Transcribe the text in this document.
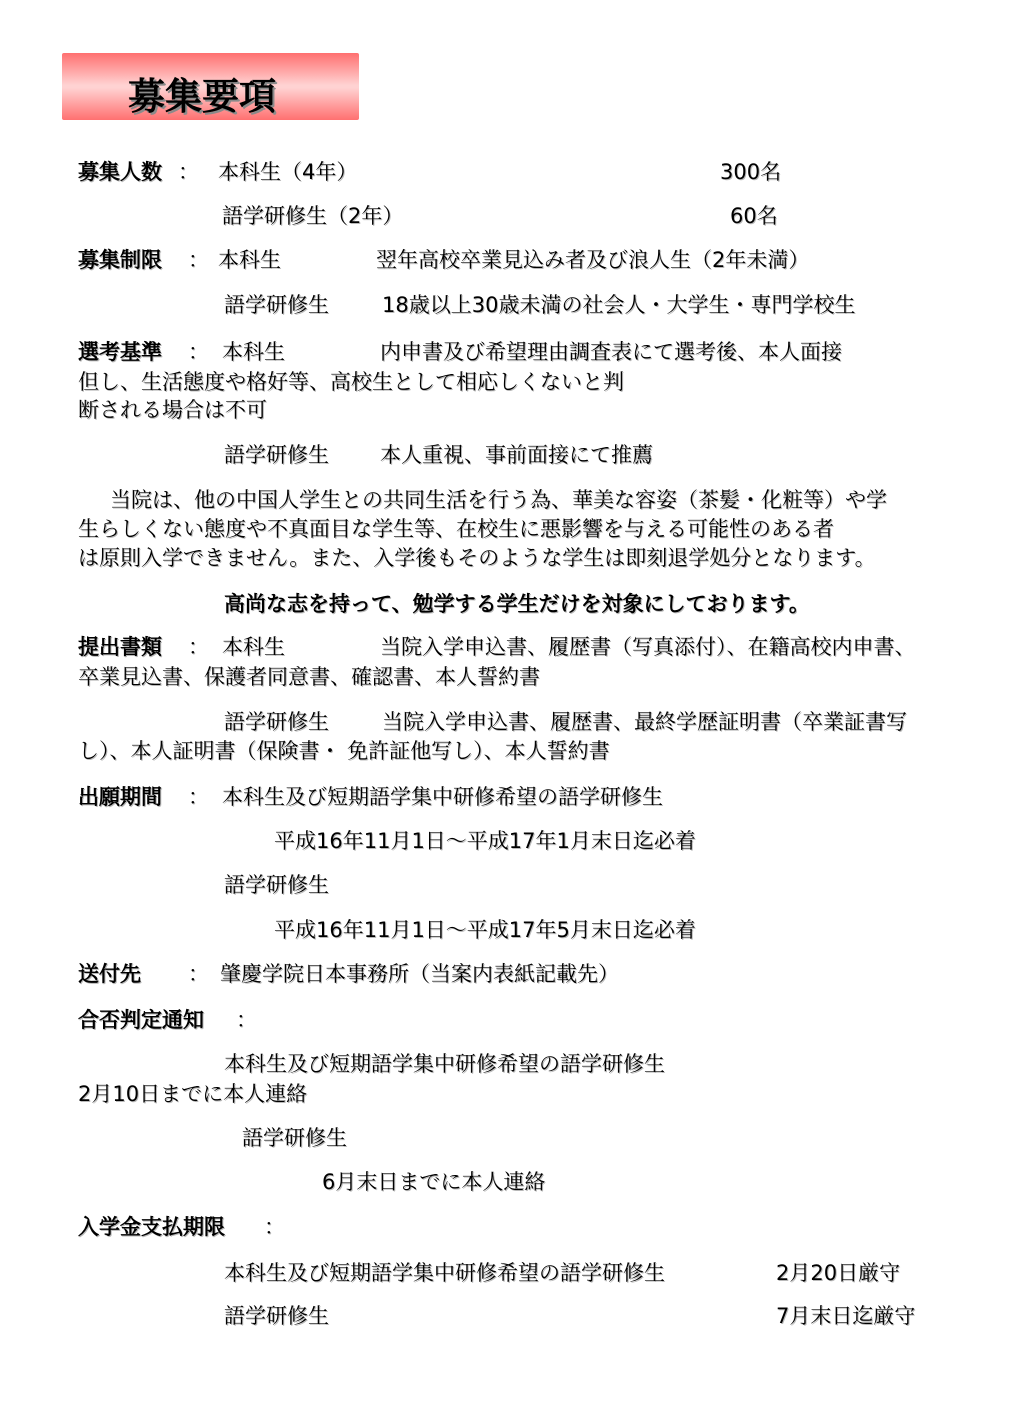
募集要項
募集人数 ： 本科生（4年）	300名
語学研修生（2年）	60名
募集制限 ： 本科生	翌年高校卒業見込み者及び浪人生（2年未満）
語学研修生	18歳以上30歳未満の社会人・大学生・専門学校生
選考基準 ： 本科生	内申書及び希望理由調査表にて選考後、本人面接
但し、生活態度や格好等、高校生として相応しくないと判
断される場合は不可
語学研修生 本人重視、事前面接にて推薦
当院は、他の中国人学生との共同生活を行う為、華美な容姿（茶髪・化粧等）や学
生らしくない態度や不真面目な学生等、在校生に悪影響を与える可能性のある者
は原則入学できません。また、入学後もそのような学生は即刻退学処分となります。
高尚な志を持って、勉学する学生だけを対象にしております。
提出書類 ： 本科生	当院入学申込書、履歴書（写真添付）、在籍高校内申書、
卒業見込書、保護者同意書、確認書、本人誓約書
語学研修生	当院入学申込書、履歴書、最終学歴証明書（卒業証書写
し）、本人証明書（保険書・ 免許証他写し）、本人誓約書
出願期間 ： 本科生及び短期語学集中研修希望の語学研修生
平成16年11月1日～平成17年1月末日迄必着
語学研修生
平成16年11月1日～平成17年5月末日迄必着
送付先 ： 肇慶学院日本事務所（当案内表紙記載先）
合否判定通知 ：
本科生及び短期語学集中研修希望の語学研修生
2月10日までに本人連絡
語学研修生
6月末日までに本人連絡
入学金支払期限 ：
本科生及び短期語学集中研修希望の語学研修生	2月20日厳守
語学研修生	7月末日迄厳守
